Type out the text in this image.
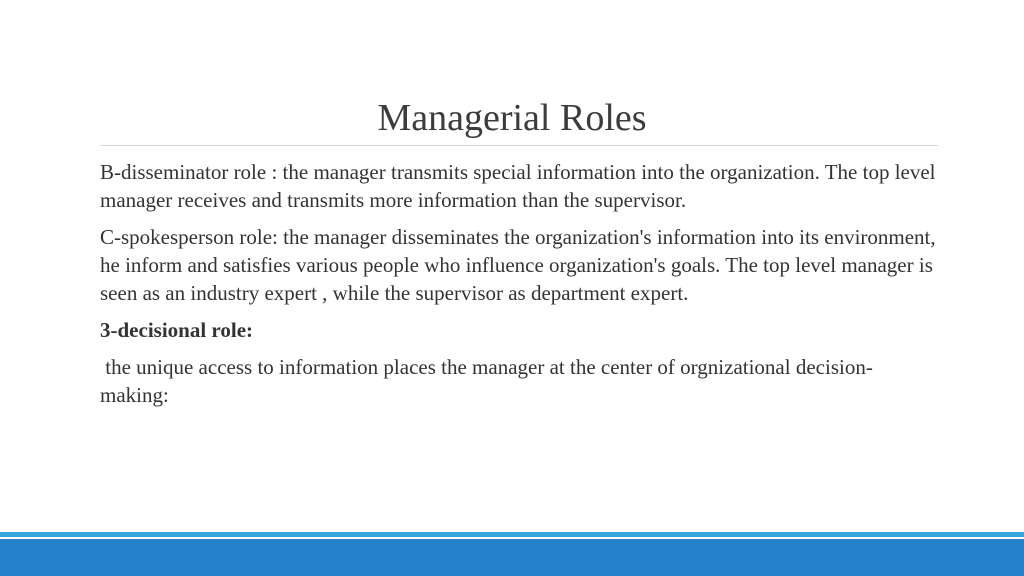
Managerial Roles

B-disseminator role : the manager transmits special information into the organization. The top level manager receives and transmits more information than the supervisor.

C-spokesperson role: the manager disseminates the organization's information into its environment, he inform and satisfies various people who influence organization's goals. The top level manager is seen as an industry expert , while the supervisor as department expert.

3-decisional role:

the unique access to information places the manager at the center of orgnizational decision-making:
